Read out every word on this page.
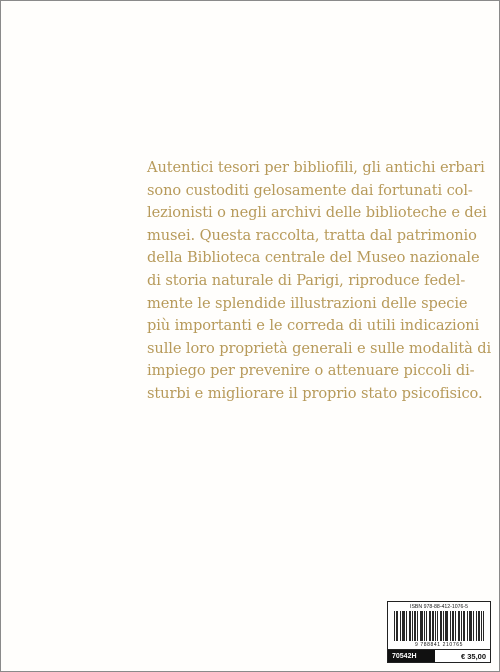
Autentici tesori per bibliofili, gli antichi erbari
sono custoditi gelosamente dai fortunati col-
lezionisti o negli archivi delle biblioteche e dei
musei. Questa raccolta, tratta dal patrimonio
della Biblioteca centrale del Museo nazionale
di storia naturale di Parigi, riproduce fedel-
mente le splendide illustrazioni delle specie
più importanti e le correda di utili indicazioni
sulle loro proprietà generali e sulle modalità di
impiego per prevenire o attenuare piccoli di-
sturbi e migliorare il proprio stato psicofisico.

ISBN 978-88-412-1076-5
9 788841 210765
70542H	€ 35,00
